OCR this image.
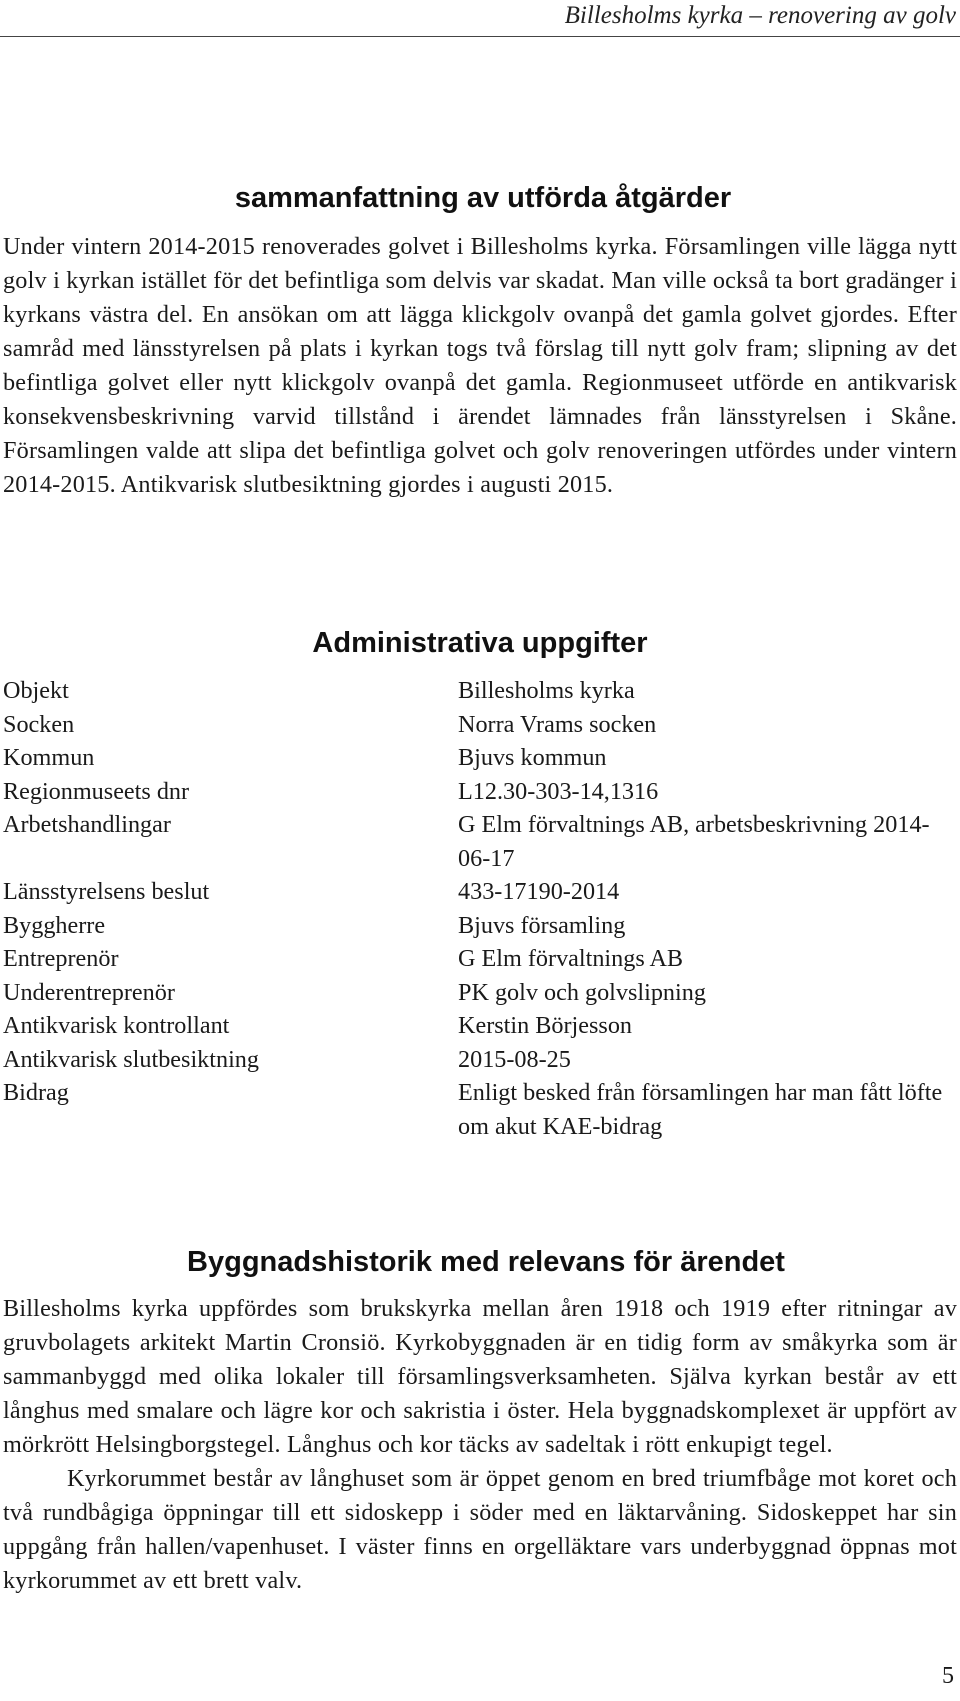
Billesholms kyrka – renovering av golv
sammanfattning av utförda åtgärder

Under vintern 2014-2015 renoverades golvet i Billesholms kyrka. Församlingen ville lägga nytt golv i kyrkan istället för det befintliga som delvis var skadat. Man ville också ta bort gradänger i kyrkans västra del. En ansökan om att lägga klickgolv ovanpå det gamla golvet gjordes. Efter samråd med länsstyrelsen på plats i kyrkan togs två förslag till nytt golv fram; slipning av det befintliga golvet eller nytt klickgolv ovanpå det gamla. Regionmuseet utförde en antikvarisk konsekvensbeskrivning varvid tillstånd i ärendet lämnades från länsstyrelsen i Skåne. Församlingen valde att slipa det befintliga golvet och golv renoveringen utfördes under vintern 2014-2015. Antikvarisk slutbesiktning gjordes i augusti 2015.

Administrativa uppgifter
Objekt	Billesholms kyrka
Socken	Norra Vrams socken
Kommun	Bjuvs kommun
Regionmuseets dnr	L12.30-303-14,1316
Arbetshandlingar	G Elm förvaltnings AB, arbetsbeskrivning 2014-06-17
Länsstyrelsens beslut	433-17190-2014
Byggherre	Bjuvs församling
Entreprenör	G Elm förvaltnings AB
Underentreprenör	PK golv och golvslipning
Antikvarisk kontrollant	Kerstin Börjesson
Antikvarisk slutbesiktning	2015-08-25
Bidrag	Enligt besked från församlingen har man fått löfte om akut KAE-bidrag
Byggnadshistorik med relevans för ärendet

Billesholms kyrka uppfördes som brukskyrka mellan åren 1918 och 1919 efter ritningar av gruvbolagets arkitekt Martin Cronsiö. Kyrkobyggnaden är en tidig form av småkyrka som är sammanbyggd med olika lokaler till församlingsverksamheten. Själva kyrkan består av ett långhus med smalare och lägre kor och sakristia i öster. Hela byggnadskomplexet är uppfört av mörkrött Helsingborgstegel. Långhus och kor täcks av sadeltak i rött enkupigt tegel.

Kyrkorummet består av långhuset som är öppet genom en bred triumfbåge mot koret och två rundbågiga öppningar till ett sidoskepp i söder med en läktarvåning. Sidoskeppet har sin uppgång från hallen/vapenhuset. I väster finns en orgelläktare vars underbyggnad öppnas mot kyrkorummet av ett brett valv.

5
